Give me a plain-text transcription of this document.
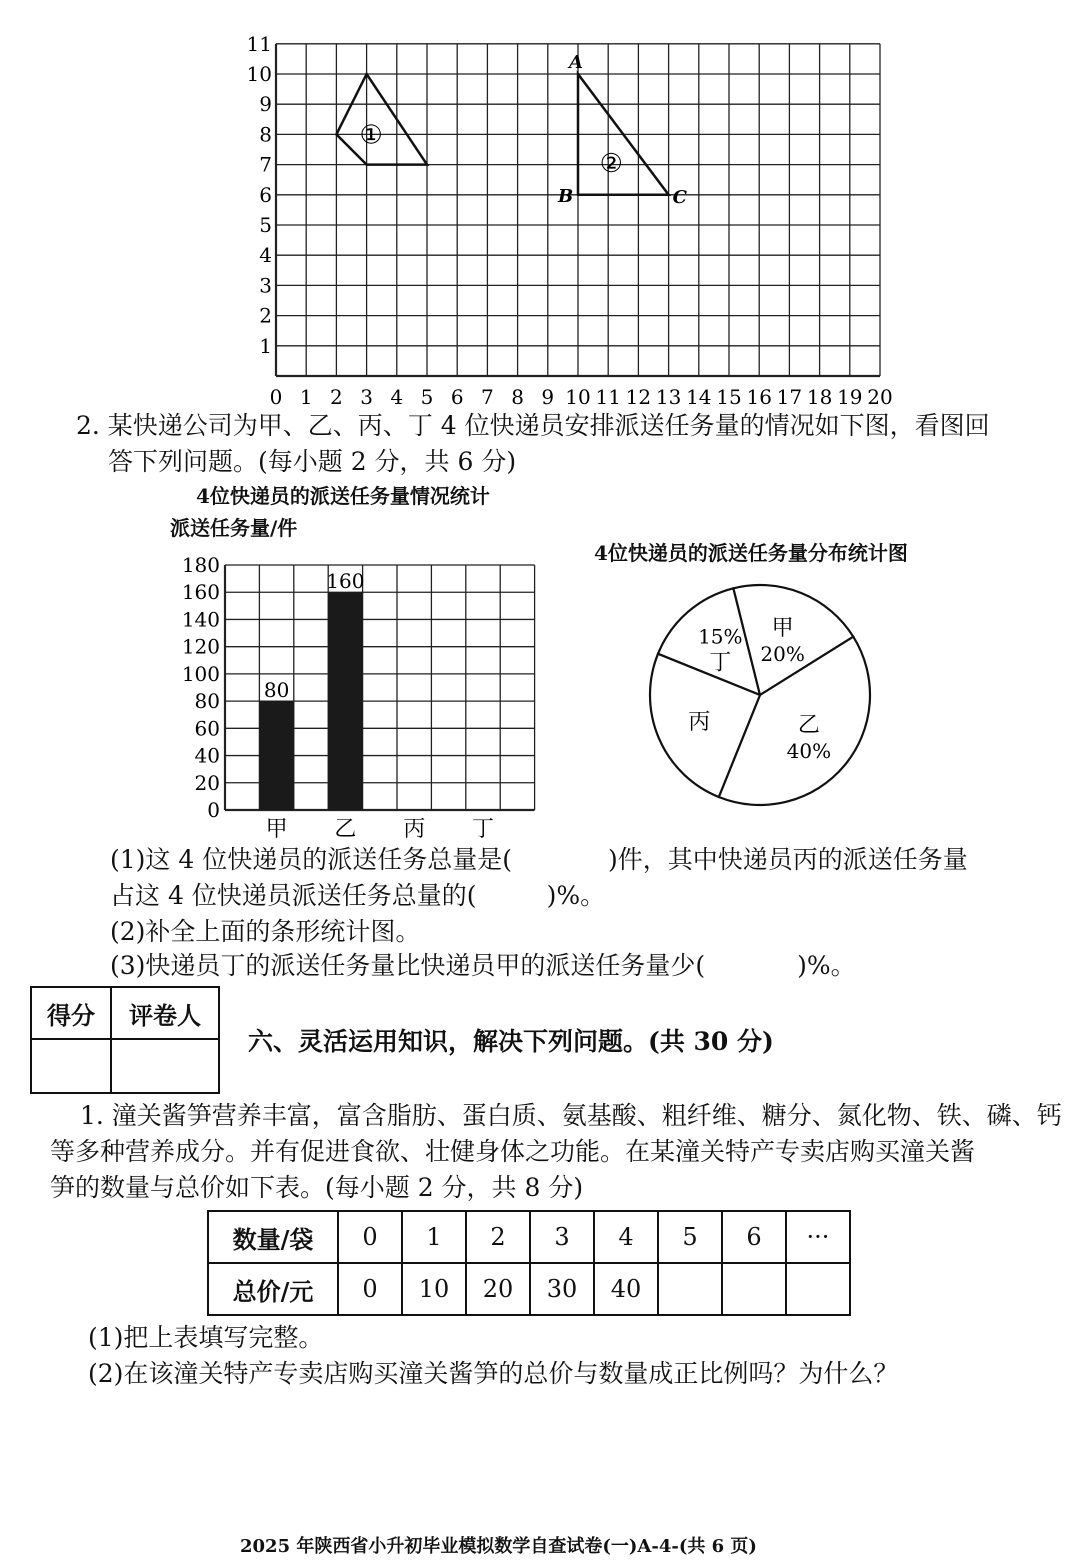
0 1 2 3 4 5 6 7 8 9 10 11 12 13 14 15 16 17 18 19 20
1
2
3
4
5
6
7
8
9
10
11
①
②
A
B	C
2. 某快递公司为甲、乙、丙、丁 4 位快递员安排派送任务量的情况如下图，看图回
答下列问题。(每小题 2 分，共 6 分)
4位快递员的派送任务量情况统计
派送任务量/件
0
20
40
60
80
100
120
140
160
180
80
160
甲 乙 丙 丁
4位快递员的派送任务量分布统计图
15%
丁
甲
20%
乙
40%
丙
(1)这 4 位快递员的派送任务总量是(	)件，其中快递员丙的派送任务量
占这 4 位快递员派送任务总量的(	)%。
(2)补全上面的条形统计图。
(3)快递员丁的派送任务量比快递员甲的派送任务量少(	)%。
得分	评卷人

六、灵活运用知识，解决下列问题。(共 30 分)
1. 潼关酱笋营养丰富，富含脂肪、蛋白质、氨基酸、粗纤维、糖分、氮化物、铁、磷、钙
等多种营养成分。并有促进食欲、壮健身体之功能。在某潼关特产专卖店购买潼关酱
笋的数量与总价如下表。(每小题 2 分，共 8 分)
数量/袋	0	1	2	3	4	5	6	···
总价/元	0	10	20	30	40			
(1)把上表填写完整。
(2)在该潼关特产专卖店购买潼关酱笋的总价与数量成正比例吗？为什么？
2025 年陕西省小升初毕业模拟数学自查试卷(一)A-4-(共 6 页)
